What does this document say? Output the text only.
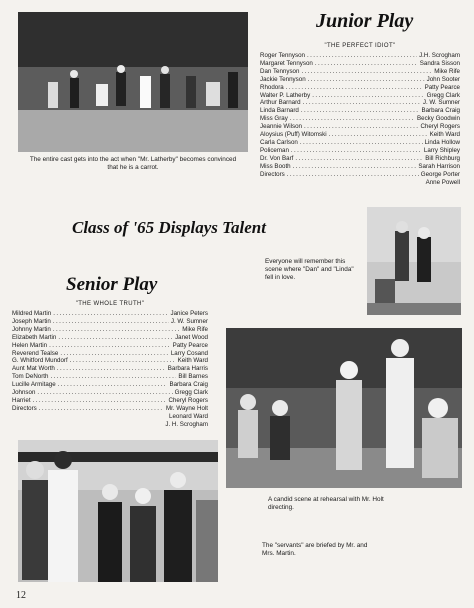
The entire cast gets into the act when "Mr. Latherby" becomes convinced that he is a carrot.
Junior Play
"THE PERFECT IDIOT"
Roger Tennyson .....	J.H. Scrogham
Margaret Tennyson .....	Sandra Sisson
Dan Tennyson .....	Mike Rife
Jackie Tennyson .....	John Sooter
Rhodora .....	Patty Pearce
Walter P. Latherby .....	Gregg Clark
Arthur Barnard .....	J. W. Sumner
Linda Barnard .....	Barbara Craig
Miss Gray .....	Becky Goodwin
Jeannie Wilson .....	Cheryl Rogers
Aloysius (Puff) Witomski .....	Keith Ward
Carla Carlson .....	Linda Hollow
Policeman .....	Larry Shipley
Dr. Von Barf .....	Bill Richburg
Miss Booth .....	Sarah Harrison
Directors .....	George Porter
Anne Powell
Class of '65 Displays Talent
Everyone will remember this scene where "Dan" and "Linda" fell in love.
Senior Play
"THE WHOLE TRUTH"
Mildred Martin .....	Janice Peters
Joseph Martin .....	J. W. Sumner
Johnny Martin .....	Mike Rife
Elizabeth Martin .....	Janet Wood
Helen Martin .....	Patty Pearce
Reverend Tealse .....	Larry Cosand
G. Whitford Mundorf .....	Keith Ward
Aunt Mat Worth .....	Barbara Harris
Tom DeNorth .....	Bill Barnes
Lucille Armitage .....	Barbara Craig
Johnson .....	Gregg Clark
Harriet .....	Cheryl Rogers
Directors .....	Mr. Wayne Holt
Leonard Ward
J. H. Scrogham
A candid scene at rehearsal with Mr. Holt directing.
The "servants" are briefed by Mr. and Mrs. Martin.
12
